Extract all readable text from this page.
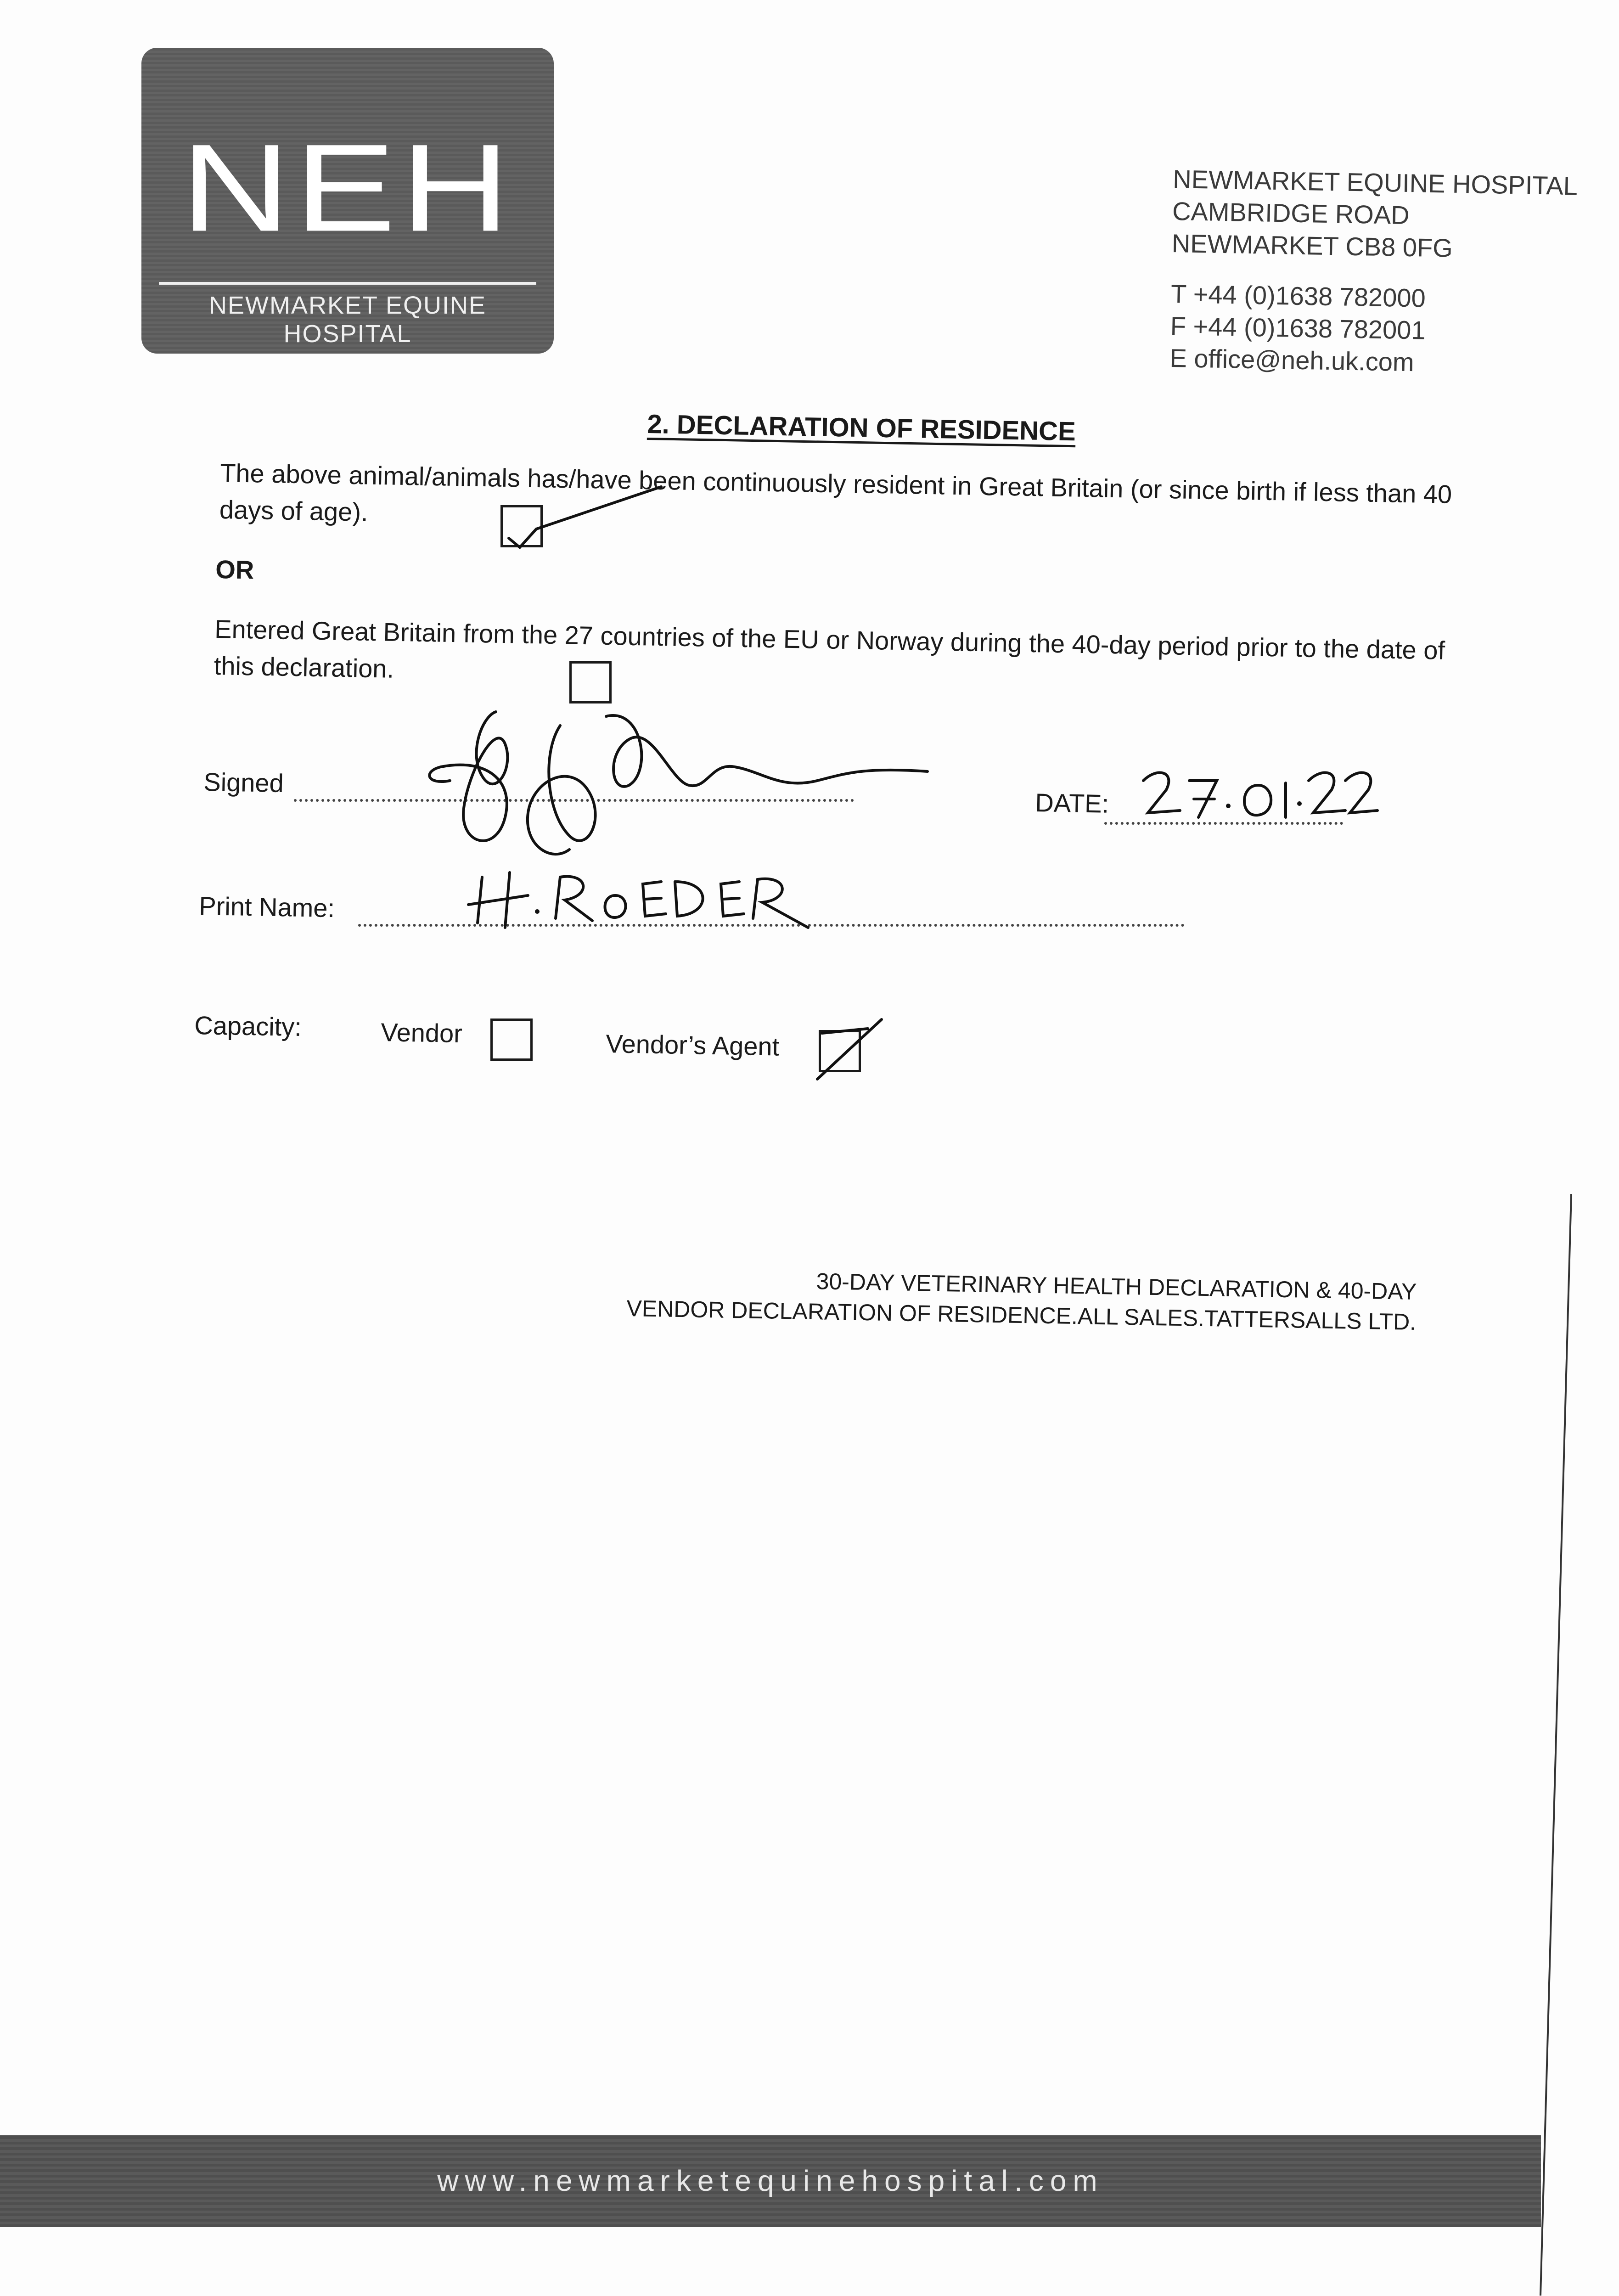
NEH
NEWMARKET EQUINE HOSPITAL
NEWMARKET EQUINE HOSPITAL
CAMBRIDGE ROAD
NEWMARKET CB8 0FG
T +44 (0)1638 782000
F +44 (0)1638 782001
E office@neh.uk.com
2. DECLARATION OF RESIDENCE
The above animal/animals has/have been continuously resident in Great Britain (or since birth if less than 40 days of age).
OR
Entered Great Britain from the 27 countries of the EU or Norway during the 40-day period prior to the date of this declaration.
Signed
DATE:
Print Name:
Capacity:	Vendor	Vendor’s Agent
30-DAY VETERINARY HEALTH DECLARATION & 40-DAY
VENDOR DECLARATION OF RESIDENCE.ALL SALES.TATTERSALLS LTD.
www.newmarketequinehospital.com
